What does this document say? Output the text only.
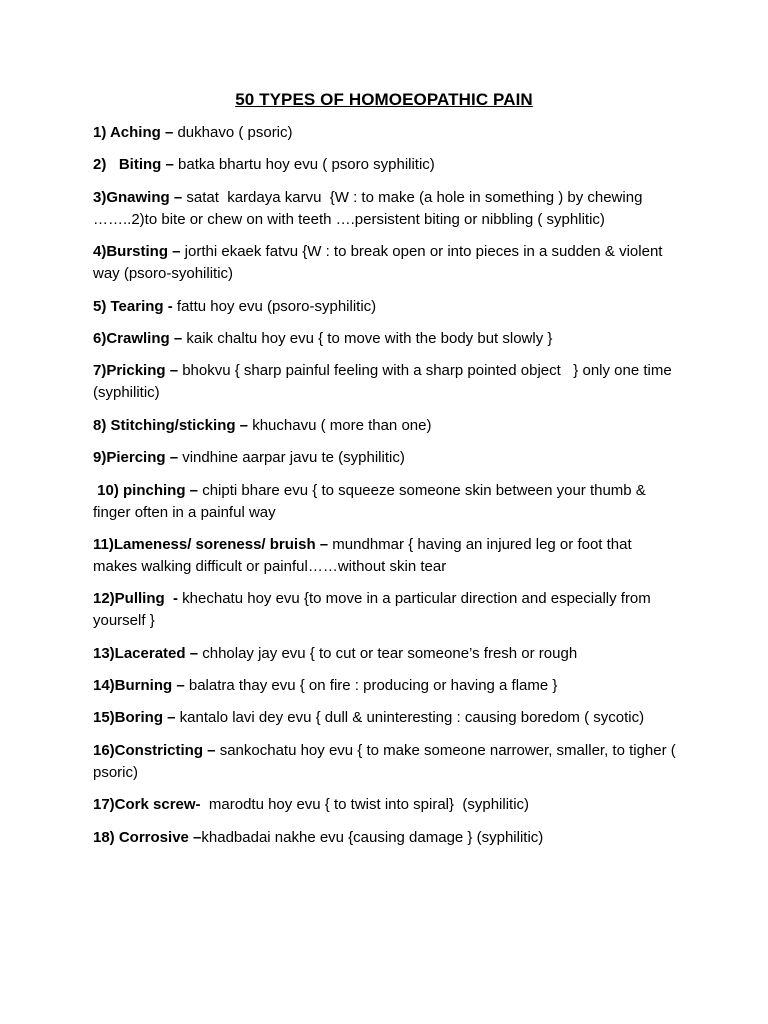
50 TYPES OF HOMOEOPATHIC PAIN

1) Aching – dukhavo ( psoric)

2)   Biting – batka bhartu hoy evu ( psoro syphilitic)

3)Gnawing – satat  kardaya karvu  {W : to make (a hole in something ) by chewing ……..2)to bite or chew on with teeth ….persistent biting or nibbling ( syphlitic)

4)Bursting – jorthi ekaek fatvu {W : to break open or into pieces in a sudden & violent way (psoro-syohilitic)

5) Tearing - fattu hoy evu (psoro-syphilitic)

6)Crawling – kaik chaltu hoy evu { to move with the body but slowly }

7)Pricking – bhokvu { sharp painful feeling with a sharp pointed object   } only one time (syphilitic)

8) Stitching/sticking – khuchavu ( more than one)

9)Piercing – vindhine aarpar javu te (syphilitic)

10) pinching – chipti bhare evu { to squeeze someone skin between your thumb & finger often in a painful way

11)Lameness/ soreness/ bruish – mundhmar { having an injured leg or foot that makes walking difficult or painful……without skin tear

12)Pulling  - khechatu hoy evu {to move in a particular direction and especially from yourself }

13)Lacerated – chholay jay evu { to cut or tear someone’s fresh or rough

14)Burning – balatra thay evu { on fire : producing or having a flame }

15)Boring – kantalo lavi dey evu { dull & uninteresting : causing boredom ( sycotic)

16)Constricting – sankochatu hoy evu { to make someone narrower, smaller, to tigher ( psoric)

17)Cork screw-  marodtu hoy evu { to twist into spiral}  (syphilitic)

18) Corrosive –khadbadai nakhe evu {causing damage } (syphilitic)
